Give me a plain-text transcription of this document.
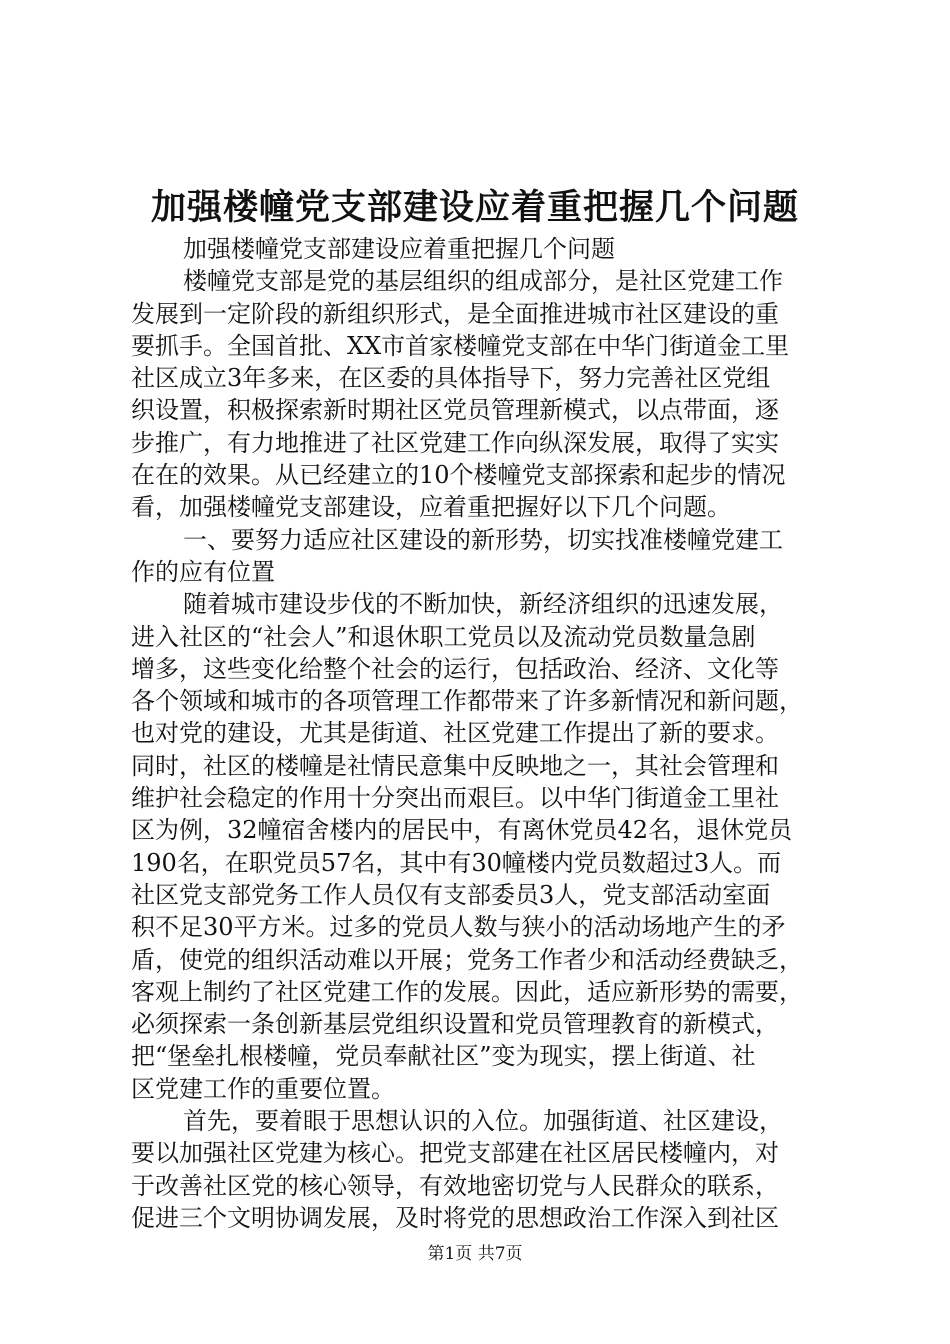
加强楼幢党支部建设应着重把握几个问题
加强楼幢党支部建设应着重把握几个问题
楼幢党支部是党的基层组织的组成部分，是社区党建工作
发展到一定阶段的新组织形式，是全面推进城市社区建设的重
要抓手。全国首批、XX市首家楼幢党支部在中华门街道金工里
社区成立3年多来，在区委的具体指导下，努力完善社区党组
织设置，积极探索新时期社区党员管理新模式，以点带面，逐
步推广，有力地推进了社区党建工作向纵深发展，取得了实实
在在的效果。从已经建立的10个楼幢党支部探索和起步的情况
看，加强楼幢党支部建设，应着重把握好以下几个问题。
一、要努力适应社区建设的新形势，切实找准楼幢党建工
作的应有位置
随着城市建设步伐的不断加快，新经济组织的迅速发展，
进入社区的“社会人”和退休职工党员以及流动党员数量急剧
增多，这些变化给整个社会的运行，包括政治、经济、文化等
各个领域和城市的各项管理工作都带来了许多新情况和新问题，
也对党的建设，尤其是街道、社区党建工作提出了新的要求。
同时，社区的楼幢是社情民意集中反映地之一，其社会管理和
维护社会稳定的作用十分突出而艰巨。以中华门街道金工里社
区为例，32幢宿舍楼内的居民中，有离休党员42名，退休党员
190名，在职党员57名，其中有30幢楼内党员数超过3人。而
社区党支部党务工作人员仅有支部委员3人，党支部活动室面
积不足30平方米。过多的党员人数与狭小的活动场地产生的矛
盾，使党的组织活动难以开展；党务工作者少和活动经费缺乏，
客观上制约了社区党建工作的发展。因此，适应新形势的需要，
必须探索一条创新基层党组织设置和党员管理教育的新模式，
把“堡垒扎根楼幢，党员奉献社区”变为现实，摆上街道、社
区党建工作的重要位置。
首先，要着眼于思想认识的入位。加强街道、社区建设，
要以加强社区党建为核心。把党支部建在社区居民楼幢内，对
于改善社区党的核心领导，有效地密切党与人民群众的联系，
促进三个文明协调发展，及时将党的思想政治工作深入到社区
第1页 共7页
